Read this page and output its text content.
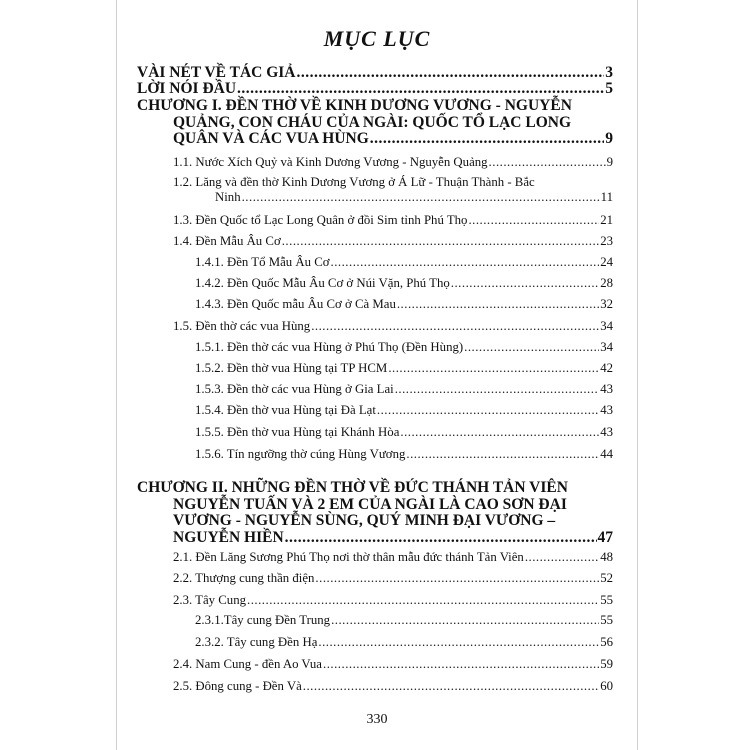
MỤC LỤC
VÀI NÉT VỀ TÁC GIẢ .....	3
LỜI NÓI ĐẦU .....	5
CHƯƠNG I. ĐỀN THỜ VỀ KINH DƯƠNG VƯƠNG - NGUYỄN
QUẢNG, CON CHÁU CỦA NGÀI: QUỐC TỔ LẠC LONG
QUÂN VÀ CÁC VUA HÙNG .....	9
1.1. Nước Xích Quỷ và Kinh Dương Vương - Nguyễn Quảng .....	9
1.2. Lăng và đền thờ Kinh Dương Vương ở Á Lữ - Thuận Thành - Bắc
Ninh .....	11
1.3. Đền Quốc tổ Lạc Long Quân ở đồi Sim tỉnh Phú Thọ .....	21
1.4. Đền Mẫu Âu Cơ .....	23
1.4.1. Đền Tổ Mẫu Âu Cơ .....	24
1.4.2. Đền Quốc Mẫu Âu Cơ ở Núi Vặn, Phú Thọ .....	28
1.4.3. Đền Quốc mẫu Âu Cơ ở Cà Mau .....	32
1.5. Đền thờ các vua Hùng .....	34
1.5.1. Đền thờ các vua Hùng ở Phú Thọ (Đền Hùng) .....	34
1.5.2. Đền thờ vua Hùng tại TP HCM .....	42
1.5.3. Đền thờ các vua Hùng ở Gia Lai .....	43
1.5.4. Đền thờ vua Hùng tại Đà Lạt .....	43
1.5.5. Đền thờ vua Hùng tại Khánh Hòa .....	43
1.5.6. Tín ngưỡng thờ cúng Hùng Vương .....	44
CHƯƠNG II. NHỮNG ĐỀN THỜ VỀ ĐỨC THÁNH TẢN VIÊN
NGUYỄN TUẤN VÀ 2 EM CỦA NGÀI LÀ CAO SƠN ĐẠI
VƯƠNG - NGUYỄN SÙNG, QUÝ MINH ĐẠI VƯƠNG –
NGUYỄN HIỀN .....	47
2.1. Đền Lăng Sương Phú Thọ nơi thờ thân mẫu đức thánh Tản Viên .....	48
2.2. Thượng cung thần điện .....	52
2.3. Tây Cung .....	55
2.3.1.Tây cung Đền Trung .....	55
2.3.2. Tây cung Đền Hạ .....	56
2.4. Nam Cung - đền Ao Vua .....	59
2.5. Đông cung - Đền Và .....	60
330
